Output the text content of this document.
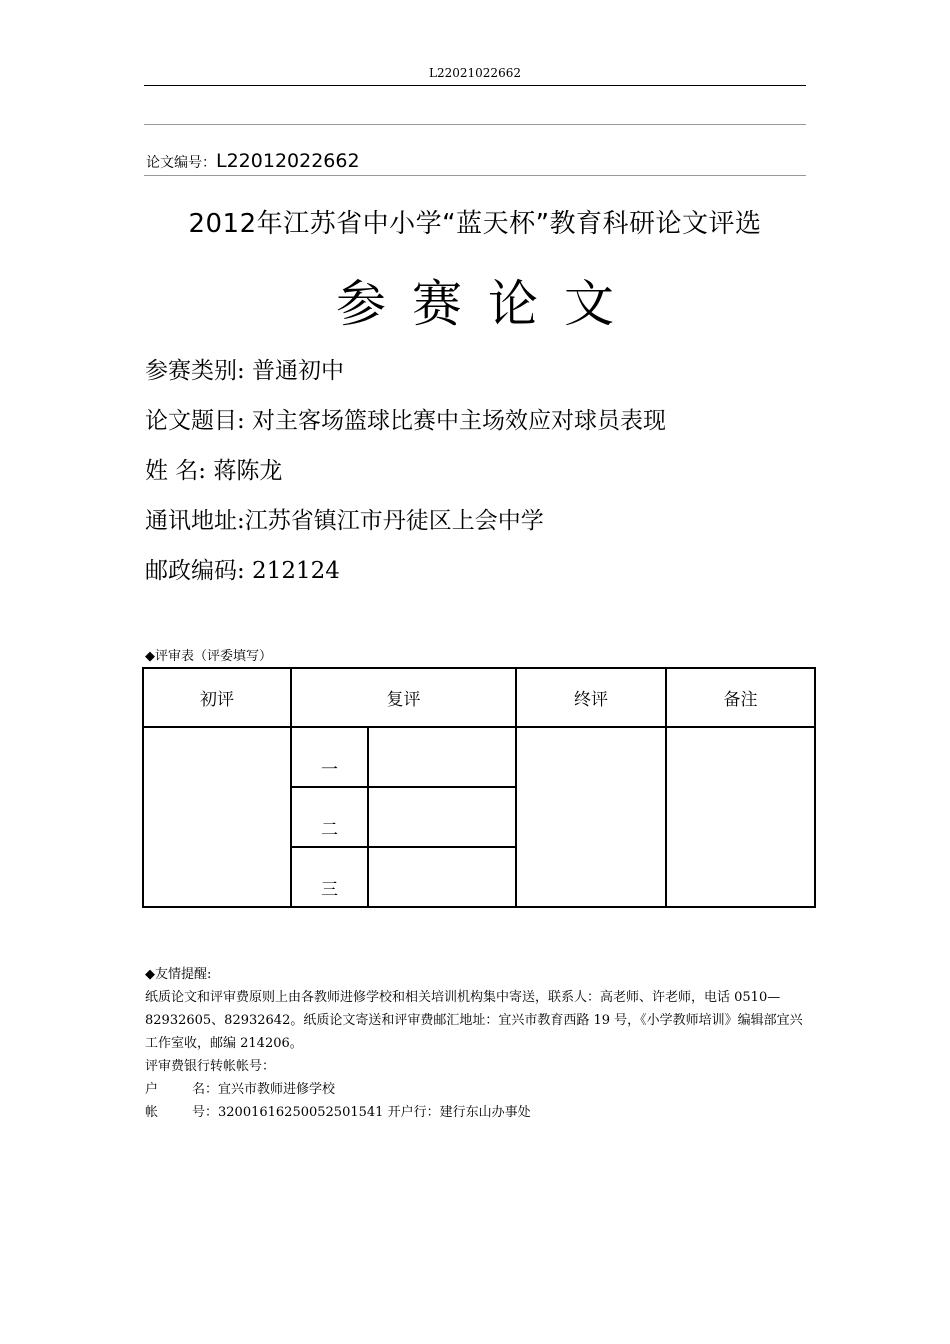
L22021022662
论文编号：L22012022662
2012年江苏省中小学“蓝天杯”教育科研论文评选
参赛论文
参赛类别: 普通初中
论文题目: 对主客场篮球比赛中主场效应对球员表现
姓 名: 蒋陈龙
通讯地址:江苏省镇江市丹徒区上会中学
邮政编码: 212124
◆评审表（评委填写）
初评	复评		终评	备注
	一			
	二			
	三			

◆友情提醒:

纸质论文和评审费原则上由各教师进修学校和相关培训机构集中寄送，联系人：高老师、许老师，电话 0510—82932605、82932642。纸质论文寄送和评审费邮汇地址：宜兴市教育西路 19 号，《小学教师培训》编辑部宜兴工作室收，邮编 214206。

评审费银行转帐帐号：

户	名：宜兴市教师进修学校

帐	号：32001616250052501541 开户行：建行东山办事处
